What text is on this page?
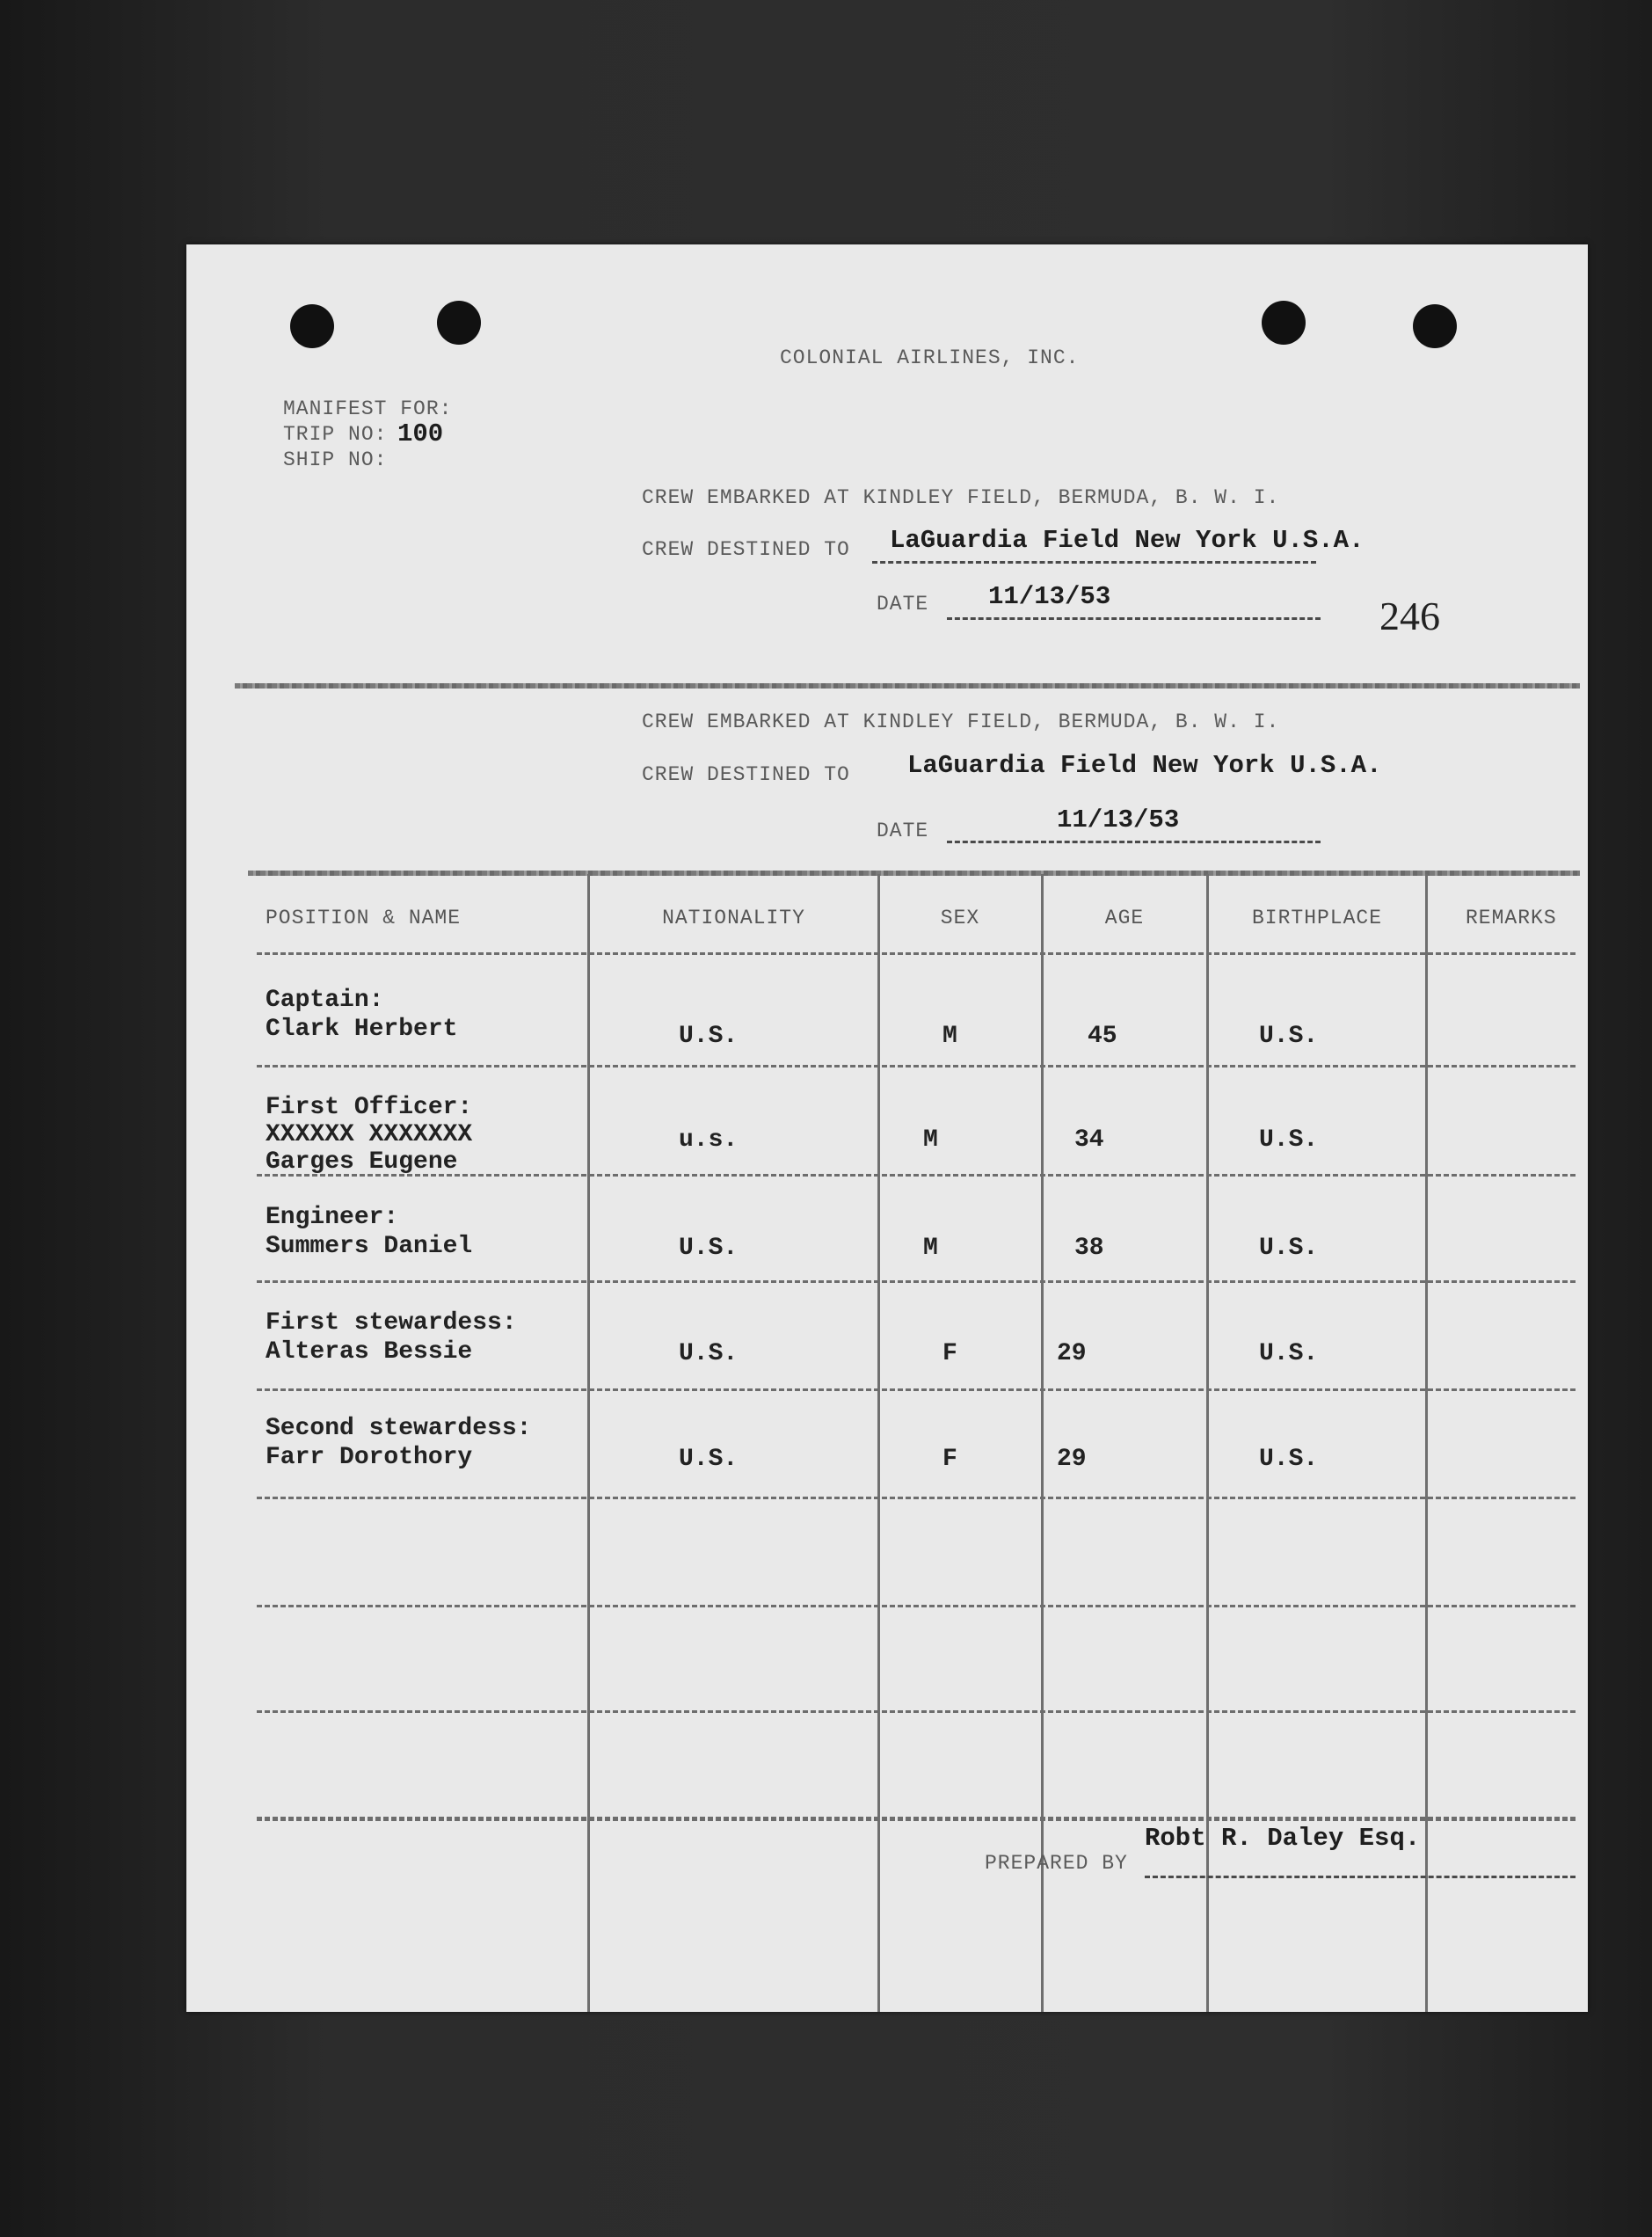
COLONIAL AIRLINES, INC.
MANIFEST FOR:
TRIP NO: 100
SHIP NO:
CREW EMBARKED AT KINDLEY FIELD, BERMUDA, B. W. I.
CREW DESTINED TO LaGuardia Field New York U.S.A.
DATE 11/13/53	246
CREW EMBARKED AT KINDLEY FIELD, BERMUDA, B. W. I.
CREW DESTINED TO LaGuardia Field New York U.S.A.
DATE	11/13/53
POSITION & NAME	NATIONALITY	SEX	AGE	BIRTHPLACE	REMARKS
Captain:
Clark Herbert	U.S.	M	45	U.S.
First Officer:
XXXXXX XXXXXXX
Garges Eugene
u.s.	M	34	U.S.
Engineer:
Summers Daniel	U.S.	M	38	U.S.
First stewardess:
Alteras Bessie	U.S.	F	29	U.S.
Second stewardess:
Farr Dorothory	U.S.	F	29	U.S.
Robt R. Daley Esq.
PREPARED BY
